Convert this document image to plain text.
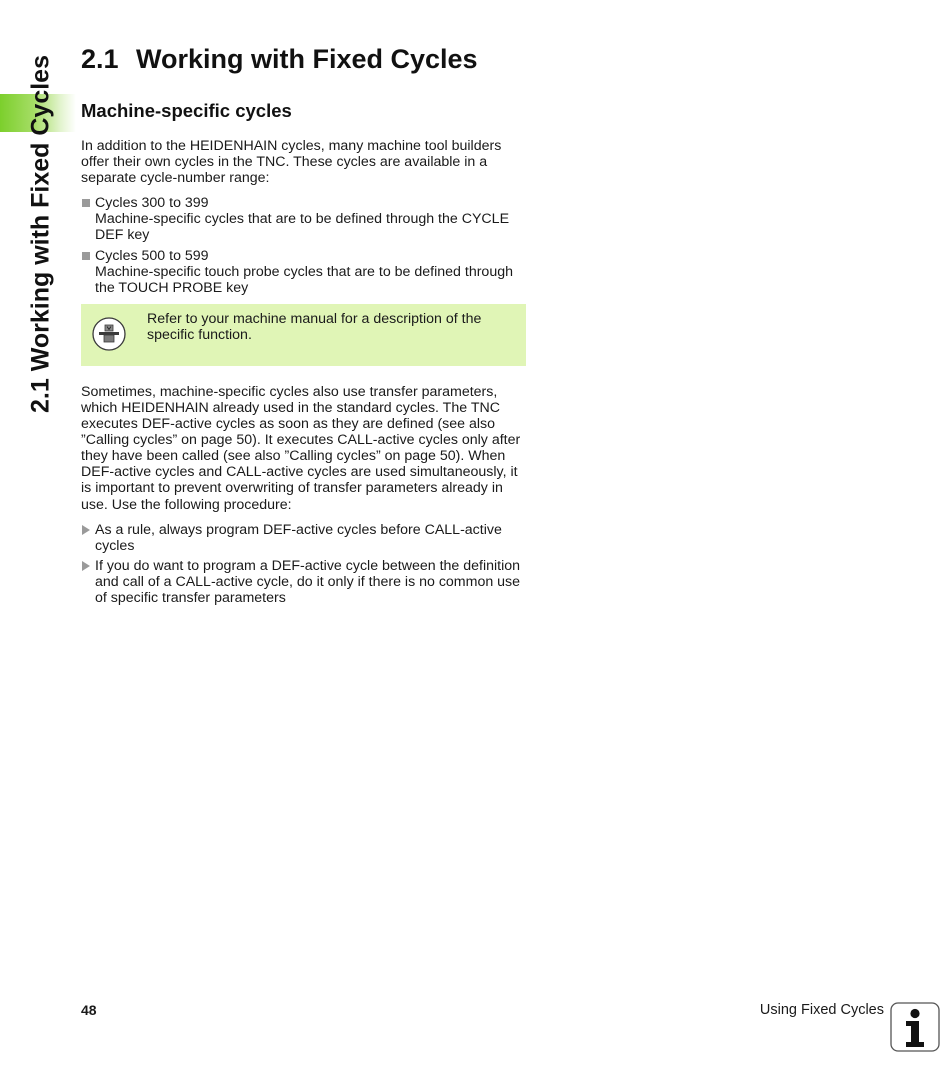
2.1 Working with Fixed Cycles 2.1 Working with Fixed Cycles
Machine-specific cycles

In addition to the HEIDENHAIN cycles, many machine tool builders offer their own cycles in the TNC. These cycles are available in a separate cycle-number range:

Cycles 300 to 399
Machine-specific cycles that are to be defined through the CYCLE DEF key
Cycles 500 to 599
Machine-specific touch probe cycles that are to be defined through the TOUCH PROBE key
Refer to your machine manual for a description of the specific function.

Sometimes, machine-specific cycles also use transfer parameters, which HEIDENHAIN already used in the standard cycles. The TNC executes DEF-active cycles as soon as they are defined (see also ”Calling cycles” on page 50). It executes CALL-active cycles only after they have been called (see also ”Calling cycles” on page 50). When DEF-active cycles and CALL-active cycles are used simultaneously, it is important to prevent overwriting of transfer parameters already in use. Use the following procedure:

As a rule, always program DEF-active cycles before CALL-active cycles
If you do want to program a DEF-active cycle between the definition and call of a CALL-active cycle, do it only if there is no common use of specific transfer parameters
48	Using Fixed Cycles
